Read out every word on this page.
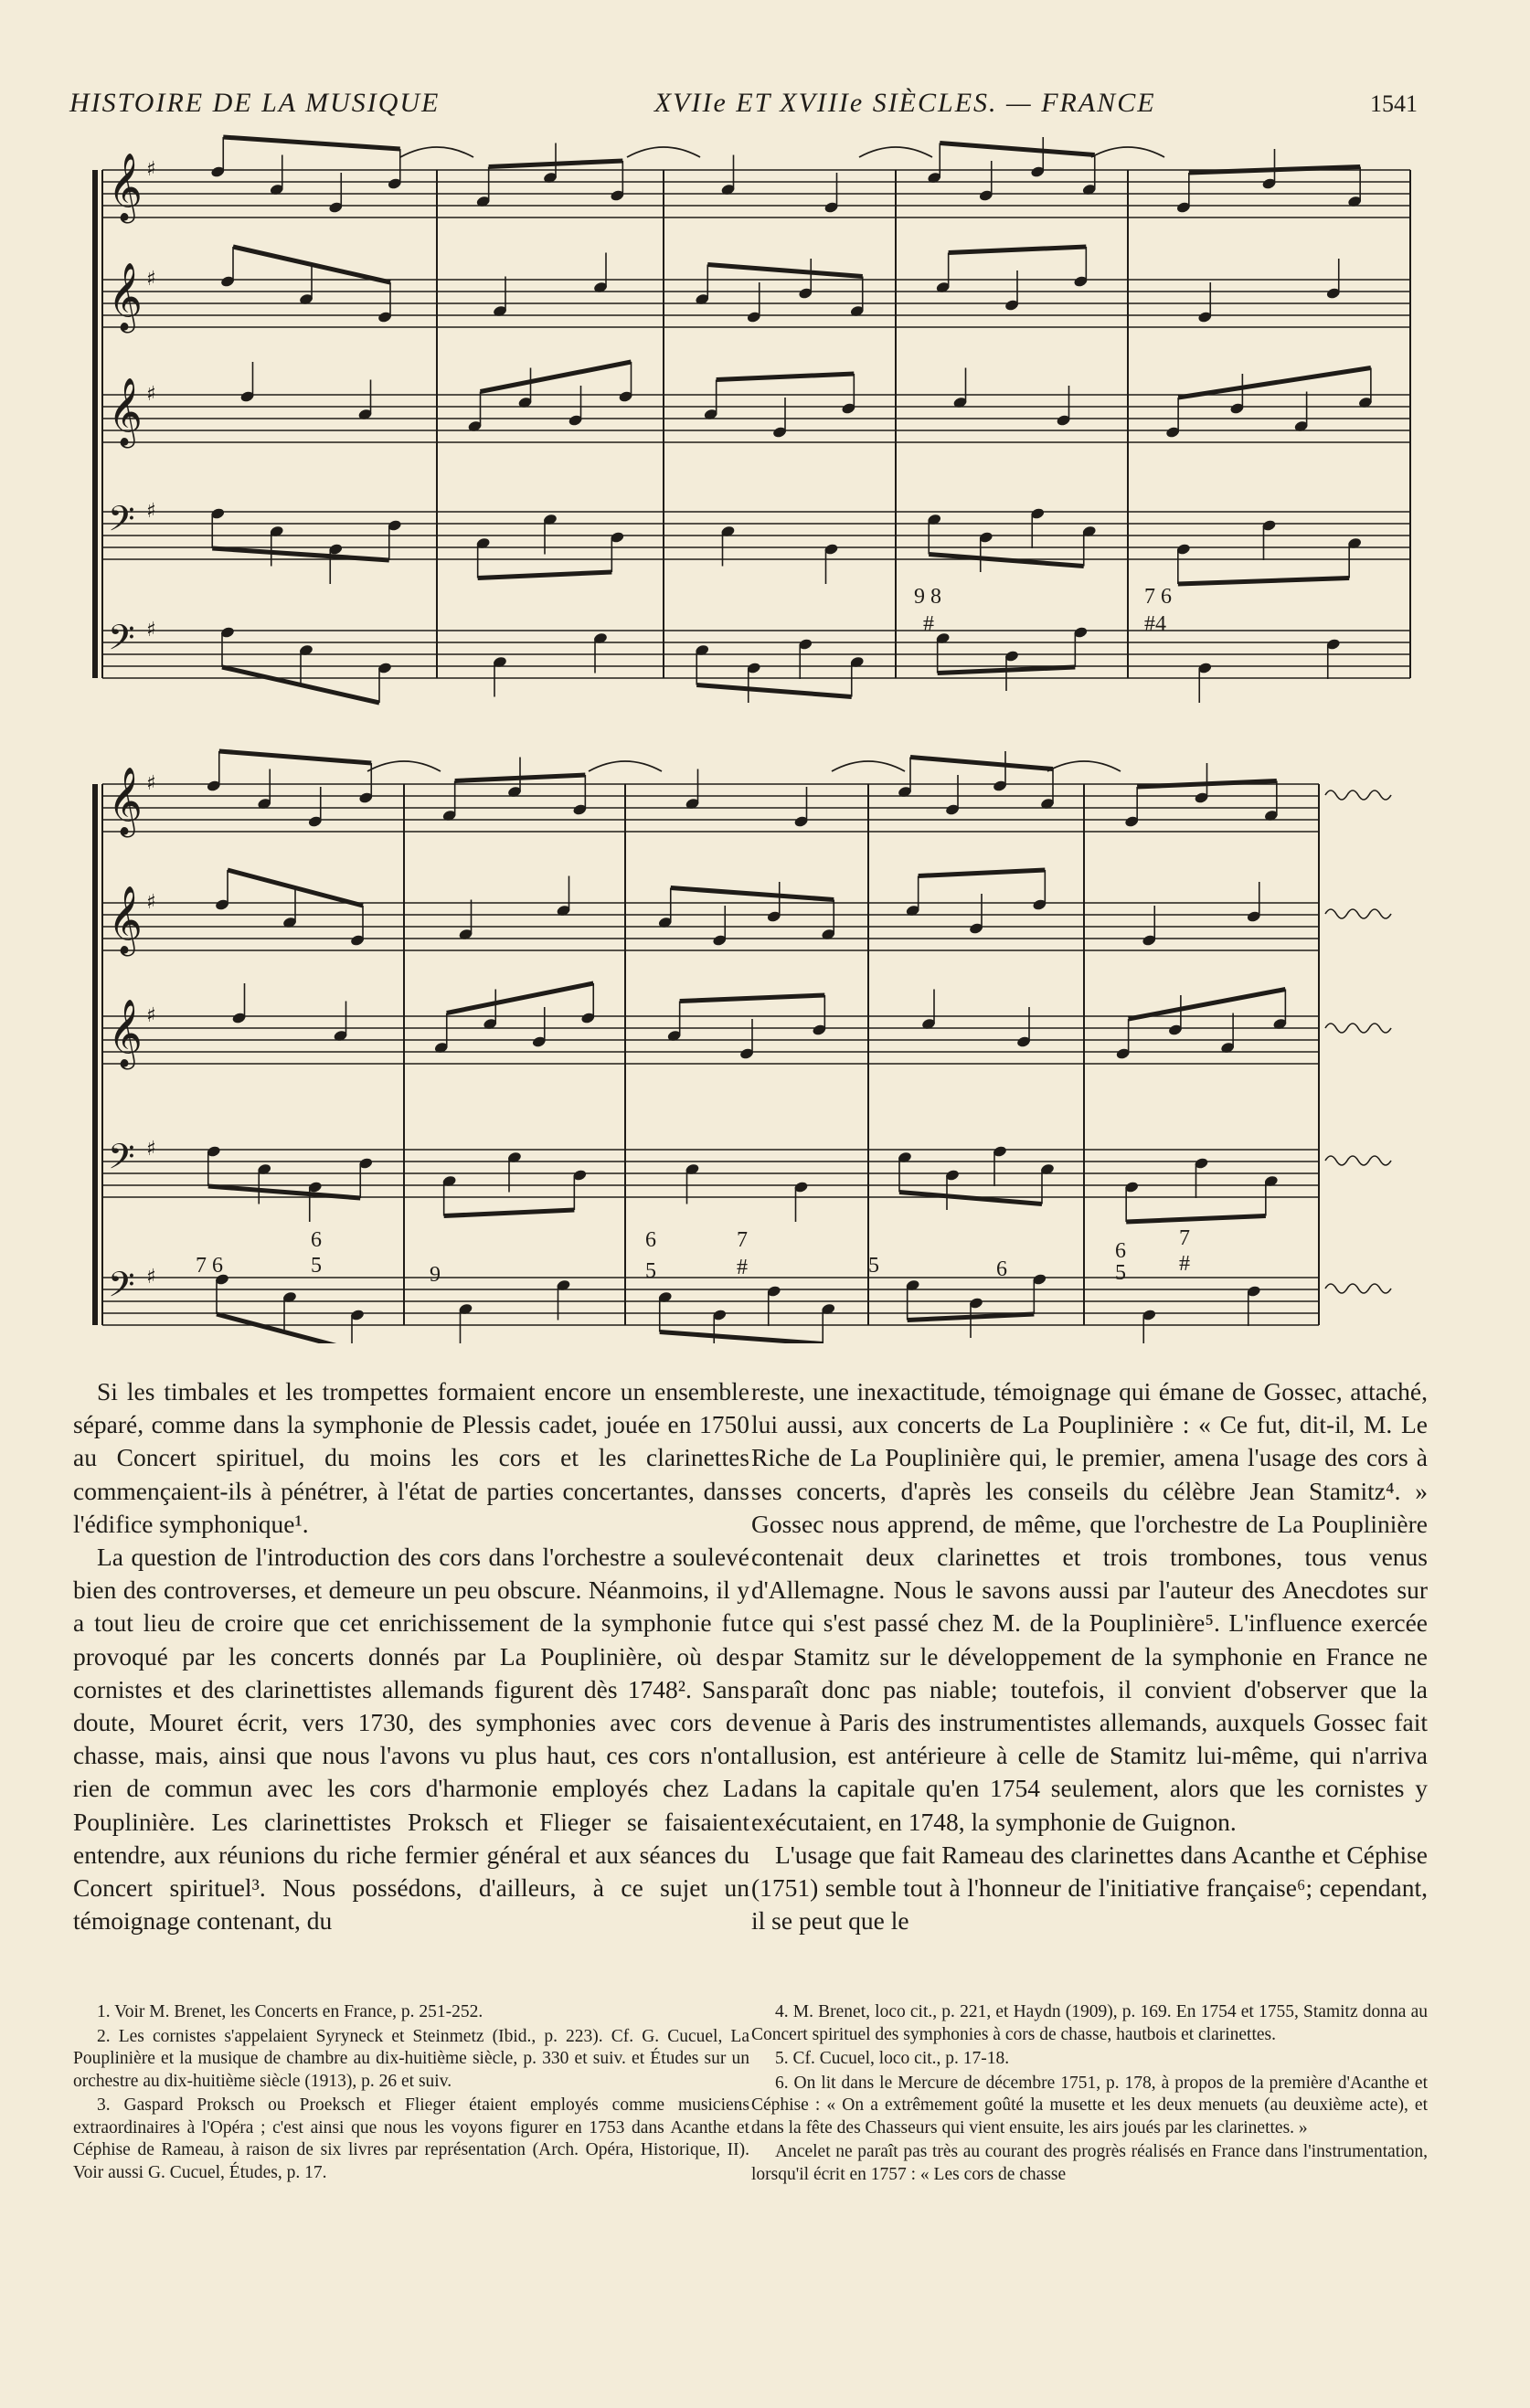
HISTOIRE DE LA MUSIQUE	XVIIe ET XVIIIe SIÈCLES. — FRANCE	1541
𝄞 ♯
𝄞 ♯
𝄞 ♯
𝄢 ♯
𝄢 ♯
𝄞 ♯
𝄞 ♯
𝄞 ♯
𝄢 ♯
𝄢 ♯
9 8
#
7 6
#4
7 6
6
5	9
6
5
7
#	5	6
6
5
7
#

Si les timbales et les trompettes formaient encore un ensemble séparé, comme dans la symphonie de Plessis cadet, jouée en 1750 au Concert spirituel, du moins les cors et les clarinettes commençaient-ils à pénétrer, à l'état de parties concertantes, dans l'édifice symphonique¹.

La question de l'introduction des cors dans l'orchestre a soulevé bien des controverses, et demeure un peu obscure. Néanmoins, il y a tout lieu de croire que cet enrichissement de la symphonie fut provoqué par les concerts donnés par La Pouplinière, où des cornistes et des clarinettistes allemands figurent dès 1748². Sans doute, Mouret écrit, vers 1730, des symphonies avec cors de chasse, mais, ainsi que nous l'avons vu plus haut, ces cors n'ont rien de commun avec les cors d'harmonie employés chez La Pouplinière. Les clarinettistes Proksch et Flieger se faisaient entendre, aux réunions du riche fermier général et aux séances du Concert spirituel³. Nous possédons, d'ailleurs, à ce sujet un témoignage contenant, du

reste, une inexactitude, témoignage qui émane de Gossec, attaché, lui aussi, aux concerts de La Pouplinière : « Ce fut, dit-il, M. Le Riche de La Pouplinière qui, le premier, amena l'usage des cors à ses concerts, d'après les conseils du célèbre Jean Stamitz⁴. » Gossec nous apprend, de même, que l'orchestre de La Pouplinière contenait deux clarinettes et trois trombones, tous venus d'Allemagne. Nous le savons aussi par l'auteur des Anecdotes sur ce qui s'est passé chez M. de la Pouplinière⁵. L'influence exercée par Stamitz sur le développement de la symphonie en France ne paraît donc pas niable; toutefois, il convient d'observer que la venue à Paris des instrumentistes allemands, auxquels Gossec fait allusion, est antérieure à celle de Stamitz lui-même, qui n'arriva dans la capitale qu'en 1754 seulement, alors que les cornistes y exécutaient, en 1748, la symphonie de Guignon.

L'usage que fait Rameau des clarinettes dans Acanthe et Céphise (1751) semble tout à l'honneur de l'initiative française⁶; cependant, il se peut que le

1. Voir M. Brenet, les Concerts en France, p. 251-252.

2. Les cornistes s'appelaient Syryneck et Steinmetz (Ibid., p. 223). Cf. G. Cucuel, La Pouplinière et la musique de chambre au dix-huitième siècle, p. 330 et suiv. et Études sur un orchestre au dix-huitième siècle (1913), p. 26 et suiv.

3. Gaspard Proksch ou Proeksch et Flieger étaient employés comme musiciens extraordinaires à l'Opéra ; c'est ainsi que nous les voyons figurer en 1753 dans Acanthe et Céphise de Rameau, à raison de six livres par représentation (Arch. Opéra, Historique, II). Voir aussi G. Cucuel, Études, p. 17.

4. M. Brenet, loco cit., p. 221, et Haydn (1909), p. 169. En 1754 et 1755, Stamitz donna au Concert spirituel des symphonies à cors de chasse, hautbois et clarinettes.

5. Cf. Cucuel, loco cit., p. 17-18.

6. On lit dans le Mercure de décembre 1751, p. 178, à propos de la première d'Acanthe et Céphise : « On a extrêmement goûté la musette et les deux menuets (au deuxième acte), et dans la fête des Chasseurs qui vient ensuite, les airs joués par les clarinettes. »

Ancelet ne paraît pas très au courant des progrès réalisés en France dans l'instrumentation, lorsqu'il écrit en 1757 : « Les cors de chasse
